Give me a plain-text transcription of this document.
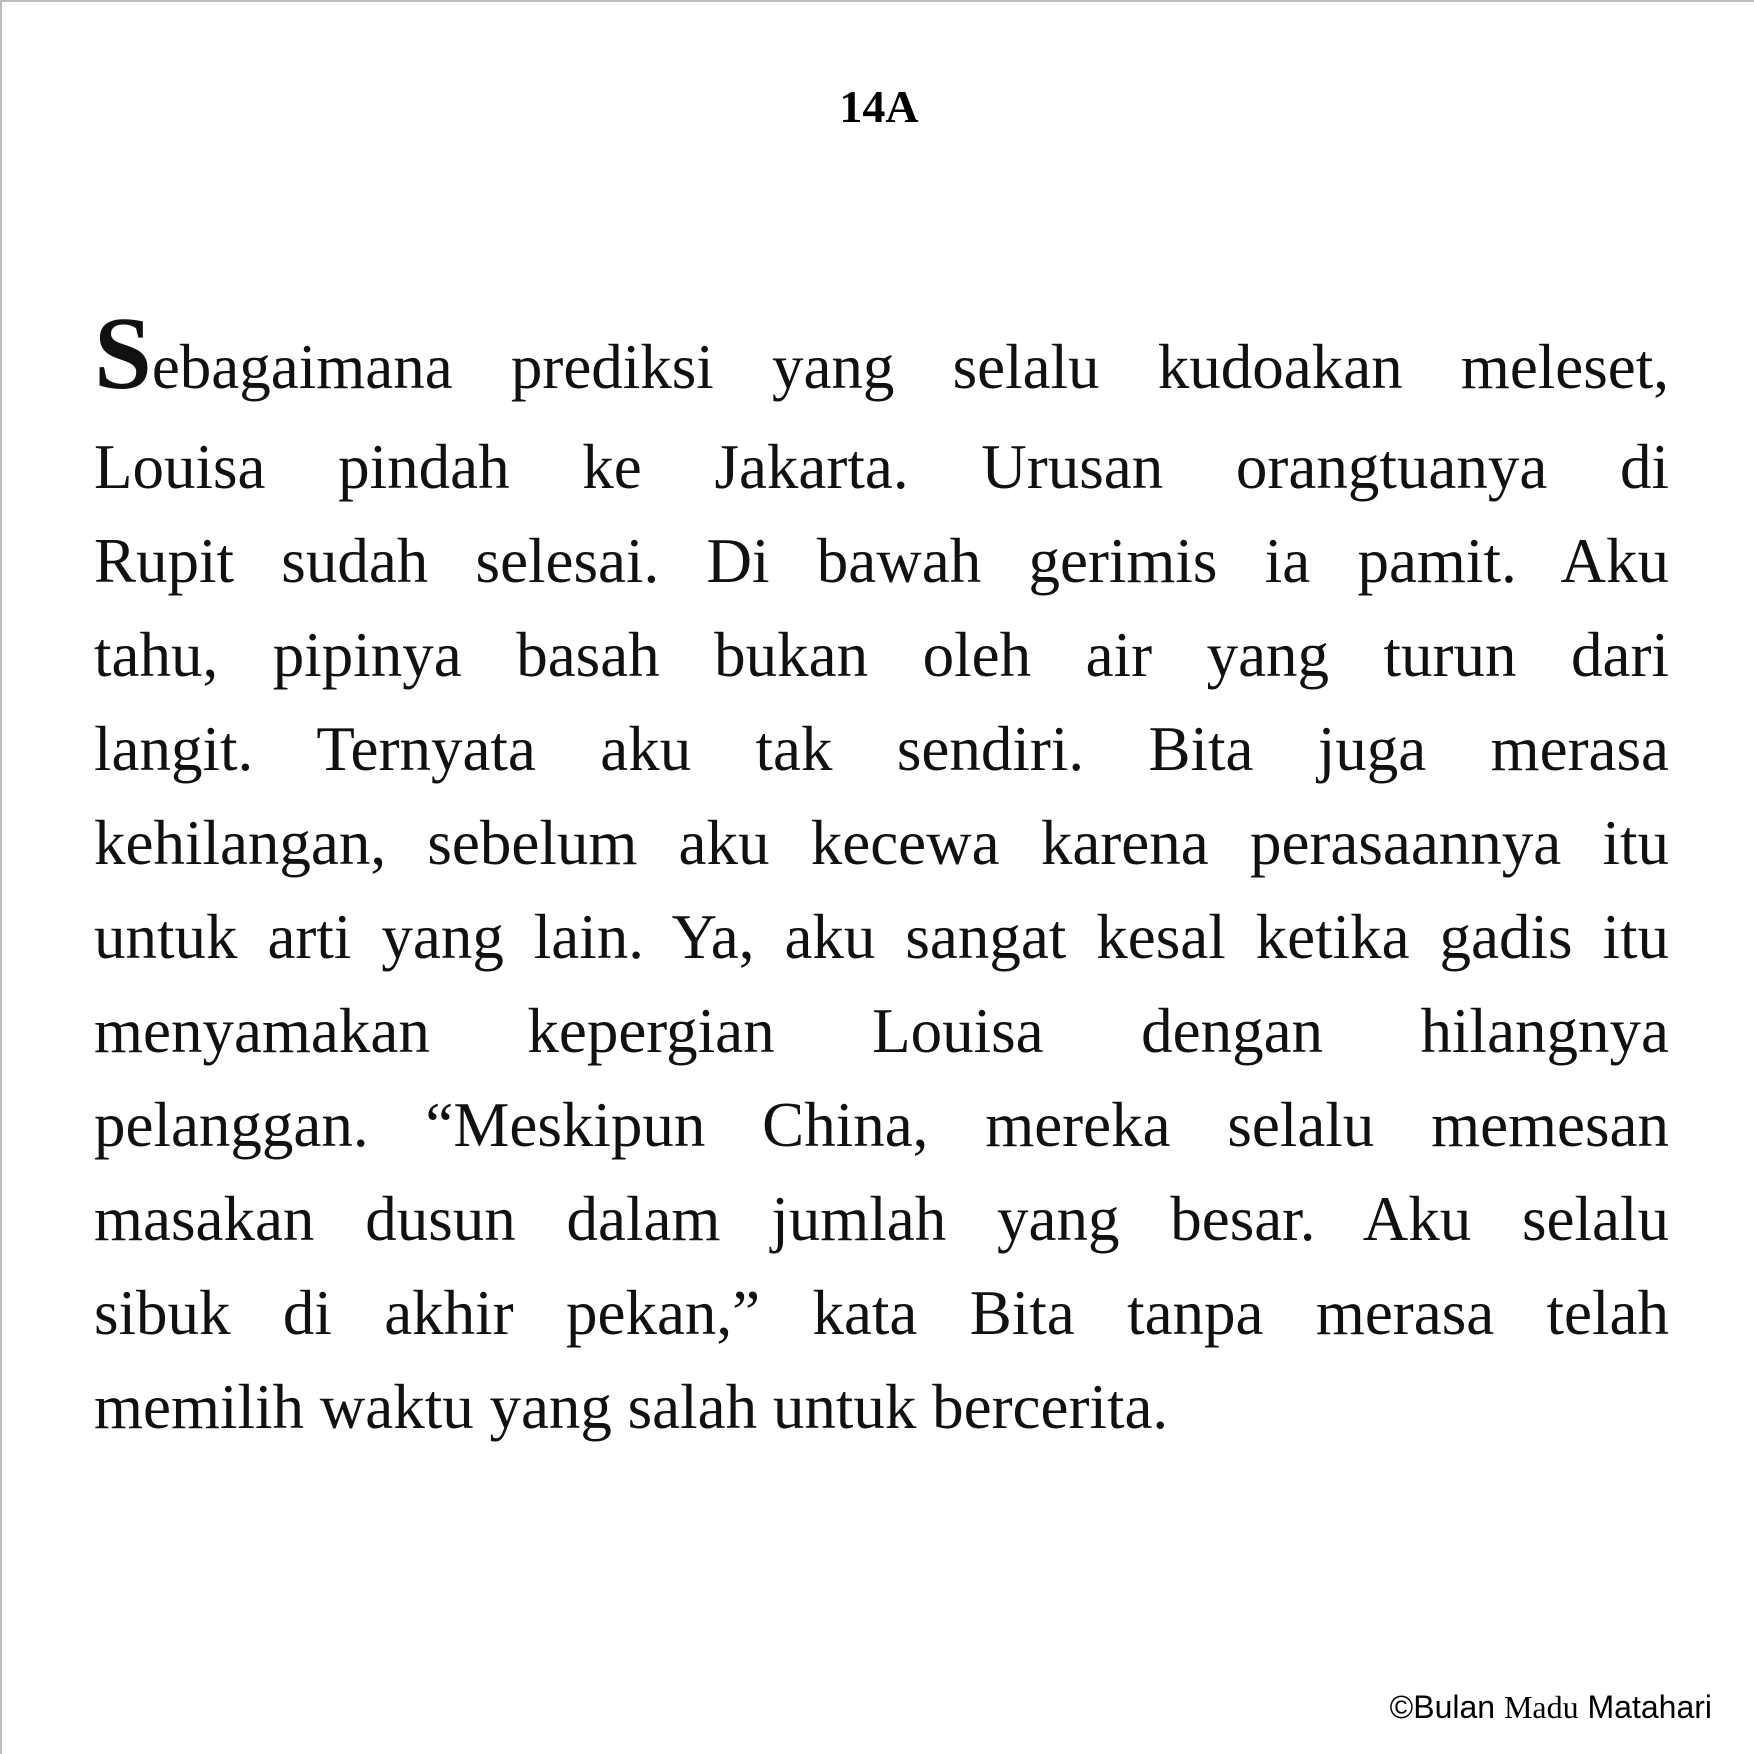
14A
Sebagaimana prediksi yang selalu kudoakan meleset,
Louisa pindah ke Jakarta. Urusan orangtuanya di
Rupit sudah selesai. Di bawah gerimis ia pamit. Aku
tahu, pipinya basah bukan oleh air yang turun dari
langit. Ternyata aku tak sendiri. Bita juga merasa
kehilangan, sebelum aku kecewa karena perasaannya itu
untuk arti yang lain. Ya, aku sangat kesal ketika gadis itu
menyamakan kepergian Louisa dengan hilangnya
pelanggan. “Meskipun China, mereka selalu memesan
masakan dusun dalam jumlah yang besar. Aku selalu
sibuk di akhir pekan,” kata Bita tanpa merasa telah
memilih waktu yang salah untuk bercerita.
©Bulan Madu Matahari
